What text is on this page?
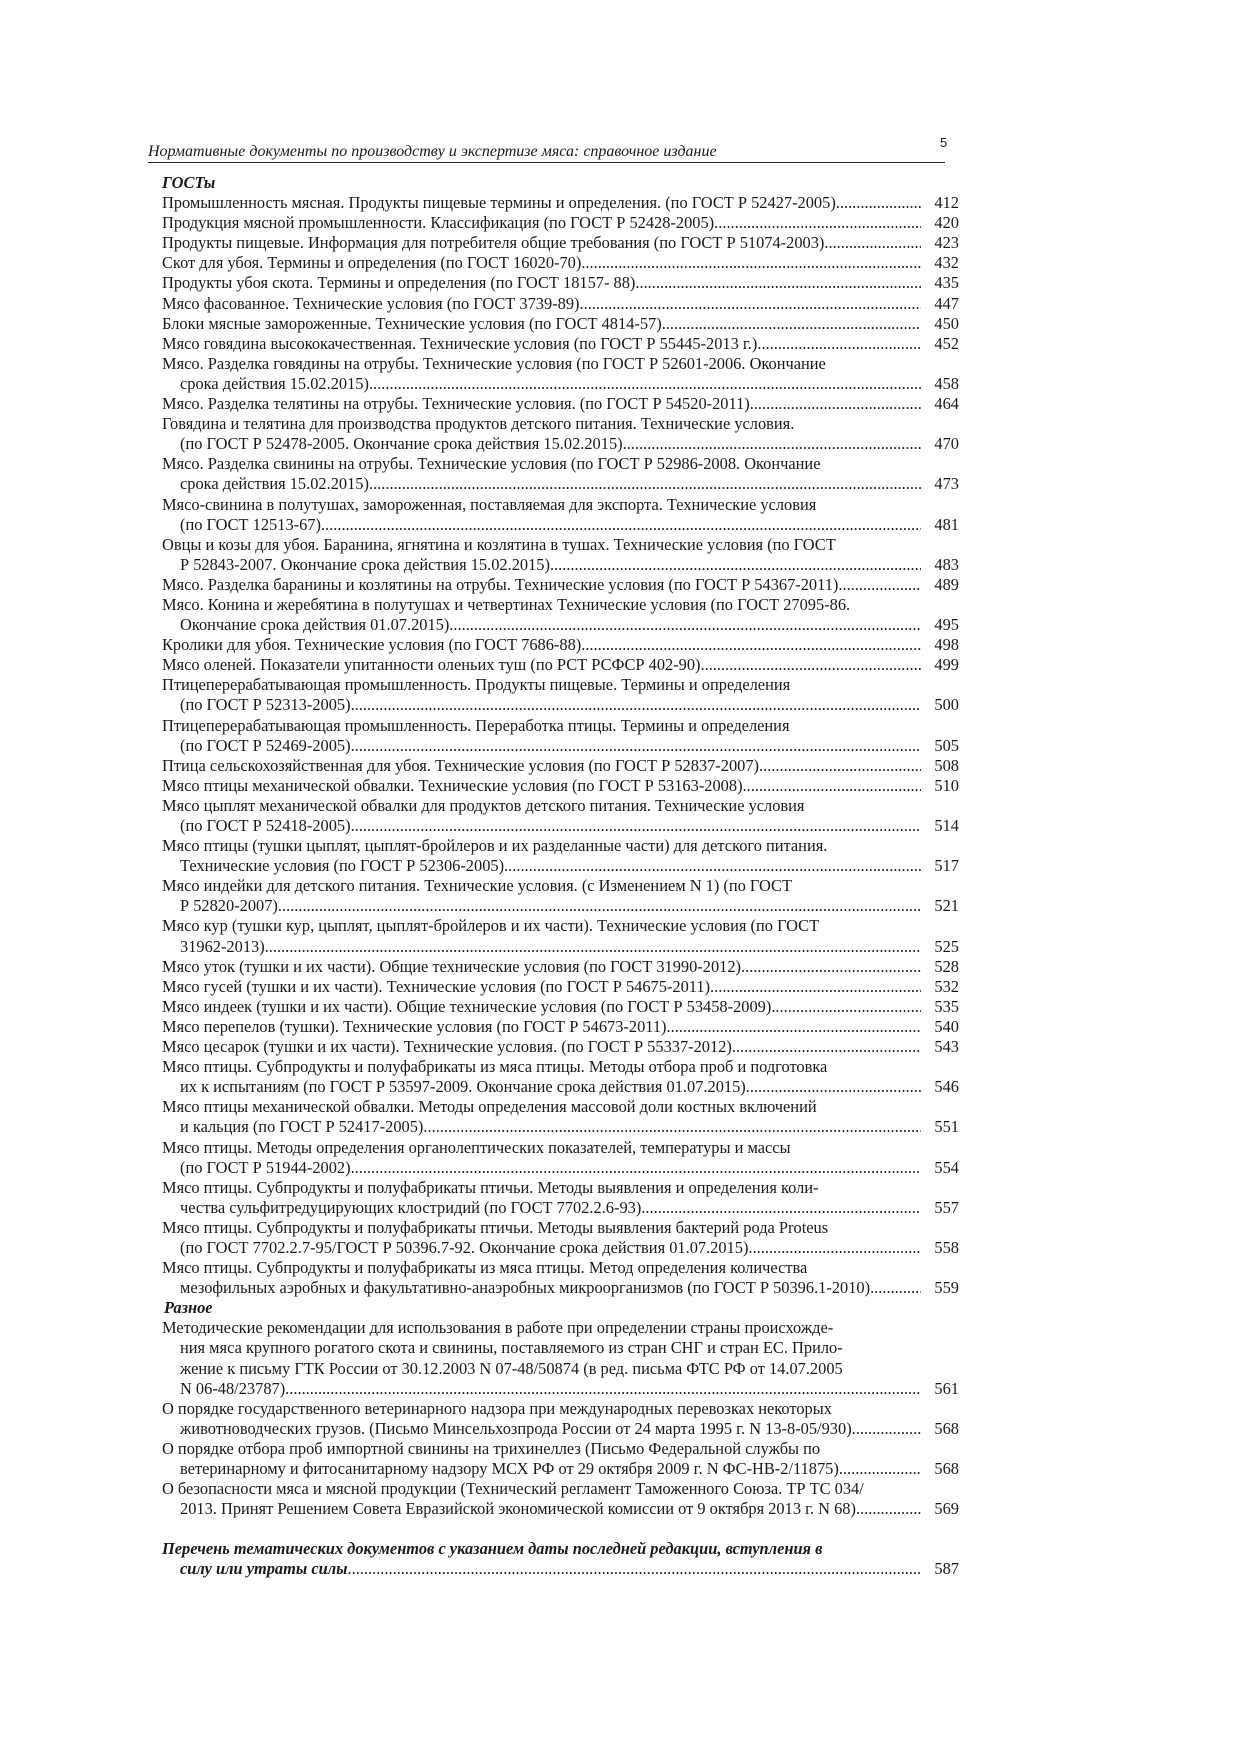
Нормативные документы по производству и экспертизе мяса: справочное издание
5
ГОСТы
Промышленность мясная. Продукты пищевые термины и определения. (по ГОСТ Р 52427-2005) .....	412
Продукция мясной промышленности. Классификация (по ГОСТ Р 52428-2005) .....	420
Продукты пищевые. Информация для потребителя общие требования (по ГОСТ Р 51074-2003) .....	423
Скот для убоя. Термины и определения (по ГОСТ 16020-70) .....	432
Продукты убоя скота. Термины и определения (по ГОСТ 18157- 88) .....	435
Мясо фасованное. Технические условия (по ГОСТ 3739-89) .....	447
Блоки мясные замороженные. Технические условия (по ГОСТ 4814-57) .....	450
Мясо говядина высококачественная. Технические условия (по ГОСТ Р 55445-2013 г.) .....	452
Мясо. Разделка говядины на отрубы. Технические условия (по ГОСТ Р 52601-2006. Окончание
срока действия 15.02.2015) .....	458
Мясо. Разделка телятины на отрубы. Технические условия. (по ГОСТ Р 54520-2011) .....	464
Говядина и телятина для производства продуктов детского питания. Технические условия.
(по ГОСТ Р 52478-2005. Окончание срока действия 15.02.2015) .....	470
Мясо. Разделка свинины на отрубы. Технические условия (по ГОСТ Р 52986-2008. Окончание
срока действия 15.02.2015) .....	473
Мясо-свинина в полутушах, замороженная, поставляемая для экспорта. Технические условия
(по ГОСТ 12513-67) .....	481
Овцы и козы для убоя. Баранина, ягнятина и козлятина в тушах. Технические условия (по ГОСТ
Р 52843-2007. Окончание срока действия 15.02.2015) .....	483
Мясо. Разделка баранины и козлятины на отрубы. Технические условия (по ГОСТ Р 54367-2011) .....	489
Мясо. Конина и жеребятина в полутушах и четвертинах Технические условия (по ГОСТ 27095-86.
Окончание срока действия 01.07.2015) .....	495
Кролики для убоя. Технические условия (по ГОСТ 7686-88) .....	498
Мясо оленей. Показатели упитанности оленьих туш (по РСТ РСФСР 402-90) .....	499
Птицеперерабатывающая промышленность. Продукты пищевые. Термины и определения
(по ГОСТ Р 52313-2005) .....	500
Птицеперерабатывающая промышленность. Переработка птицы. Термины и определения
(по ГОСТ Р 52469-2005) .....	505
Птица сельскохозяйственная для убоя. Технические условия (по ГОСТ Р 52837-2007) .....	508
Мясо птицы механической обвалки. Технические условия (по ГОСТ Р 53163-2008) .....	510
Мясо цыплят механической обвалки для продуктов детского питания. Технические условия
(по ГОСТ Р 52418-2005) .....	514
Мясо птицы (тушки цыплят, цыплят-бройлеров и их разделанные части) для детского питания.
Технические условия (по ГОСТ Р 52306-2005) .....	517
Мясо индейки для детского питания. Технические условия. (с Изменением N 1) (по ГОСТ
Р 52820-2007) .....	521
Мясо кур (тушки кур, цыплят, цыплят-бройлеров и их части). Технические условия (по ГОСТ
31962-2013) .....	525
Мясо уток (тушки и их части). Общие технические условия (по ГОСТ 31990-2012) .....	528
Мясо гусей (тушки и их части). Технические условия (по ГОСТ Р 54675-2011) .....	532
Мясо индеек (тушки и их части). Общие технические условия (по ГОСТ Р 53458-2009) .....	535
Мясо перепелов (тушки). Технические условия (по ГОСТ Р 54673-2011) .....	540
Мясо цесарок (тушки и их части). Технические условия. (по ГОСТ Р 55337-2012) .....	543
Мясо птицы. Субпродукты и полуфабрикаты из мяса птицы. Методы отбора проб и подготовка
их к испытаниям (по ГОСТ Р 53597-2009. Окончание срока действия 01.07.2015) .....	546
Мясо птицы механической обвалки. Методы определения массовой доли костных включений
и кальция (по ГОСТ Р 52417-2005) .....	551
Мясо птицы. Методы определения органолептических показателей, температуры и массы
(по ГОСТ Р 51944-2002) .....	554
Мясо птицы. Субпродукты и полуфабрикаты птичьи. Методы выявления и определения коли-
чества сульфитредуцирующих клостридий (по ГОСТ 7702.2.6-93) .....	557
Мясо птицы. Субпродукты и полуфабрикаты птичьи. Методы выявления бактерий рода Proteus
(по ГОСТ 7702.2.7-95/ГОСТ Р 50396.7-92. Окончание срока действия 01.07.2015) .....	558
Мясо птицы. Субпродукты и полуфабрикаты из мяса птицы. Метод определения количества
мезофильных аэробных и факультативно-анаэробных микроорганизмов (по ГОСТ Р 50396.1-2010) .....	559
Разное
Методические рекомендации для использования в работе при определении страны происхожде-
ния мяса крупного рогатого скота и свинины, поставляемого из стран СНГ и стран ЕС. Прило-
жение к письму ГТК России от 30.12.2003 N 07-48/50874 (в ред. письма ФТС РФ от 14.07.2005
N 06-48/23787) .....	561
О порядке государственного ветеринарного надзора при международных перевозках некоторых
животноводческих грузов. (Письмо Минсельхозпрода России от 24 марта 1995 г. N 13-8-05/930) .....	568
О порядке отбора проб импортной свинины на трихинеллез (Письмо Федеральной службы по
ветеринарному и фитосанитарному надзору МСХ РФ от 29 октября 2009 г. N ФС-НВ-2/11875) .....	568
О безопасности мяса и мясной продукции (Технический регламент Таможенного Союза. ТР ТС 034/
2013. Принят Решением Совета Евразийской экономической комиссии от 9 октября 2013 г. N 68) .....	569
Перечень тематических документов с указанием даты последней редакции, вступления в
силу или утраты силы .....	587
